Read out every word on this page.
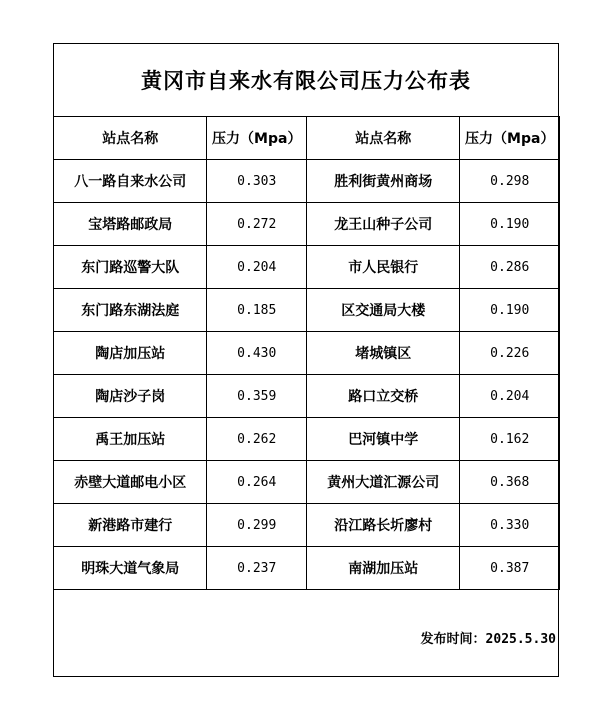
黄冈市自来水有限公司压力公布表
站点名称	压力（Mpa）	站点名称	压力（Mpa）
八一路自来水公司	0.303	胜利街黄州商场	0.298
宝塔路邮政局	0.272	龙王山种子公司	0.190
东门路巡警大队	0.204	市人民银行	0.286
东门路东湖法庭	0.185	区交通局大楼	0.190
陶店加压站	0.430	堵城镇区	0.226
陶店沙子岗	0.359	路口立交桥	0.204
禹王加压站	0.262	巴河镇中学	0.162
赤壁大道邮电小区	0.264	黄州大道汇源公司	0.368
新港路市建行	0.299	沿江路长圻廖村	0.330
明珠大道气象局	0.237	南湖加压站	0.387
发布时间：2025.5.30
